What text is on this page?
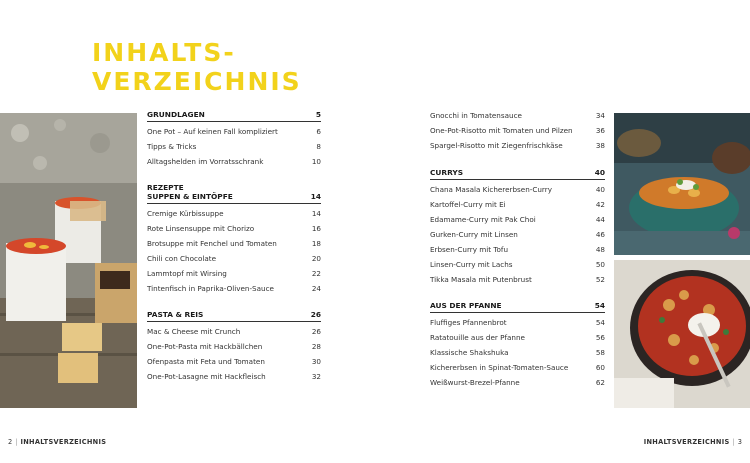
INHALTS-
VERZEICHNIS
GRUNDLAGEN	5
One Pot – Auf keinen Fall kompliziert	6
Tipps & Tricks	8
Alltagshelden im Vorratsschrank	10
REZEPTE
SUPPEN & EINTÖPFE	14
Cremige Kürbissuppe	14
Rote Linsensuppe mit Chorizo	16
Brotsuppe mit Fenchel und Tomaten	18
Chili con Chocolate	20
Lammtopf mit Wirsing	22
Tintenfisch in Paprika-Oliven-Sauce	24
PASTA & REIS	26
Mac & Cheese mit Crunch	26
One-Pot-Pasta mit Hackbällchen	28
Ofenpasta mit Feta und Tomaten	30
One-Pot-Lasagne mit Hackfleisch	32
Gnocchi in Tomatensauce	34
One-Pot-Risotto mit Tomaten und Pilzen	36
Spargel-Risotto mit Ziegenfrischkäse	38
CURRYS	40
Chana Masala Kichererbsen-Curry	40
Kartoffel-Curry mit Ei	42
Edamame-Curry mit Pak Choi	44
Gurken-Curry mit Linsen	46
Erbsen-Curry mit Tofu	48
Linsen-Curry mit Lachs	50
Tikka Masala mit Putenbrust	52
AUS DER PFANNE	54
Fluffiges Pfannenbrot	54
Ratatouille aus der Pfanne	56
Klassische Shakshuka	58
Kichererbsen in Spinat-Tomaten-Sauce	60
Weißwurst-Brezel-Pfanne	62
2 | INHALTSVERZEICHNIS	INHALTSVERZEICHNIS | 3
